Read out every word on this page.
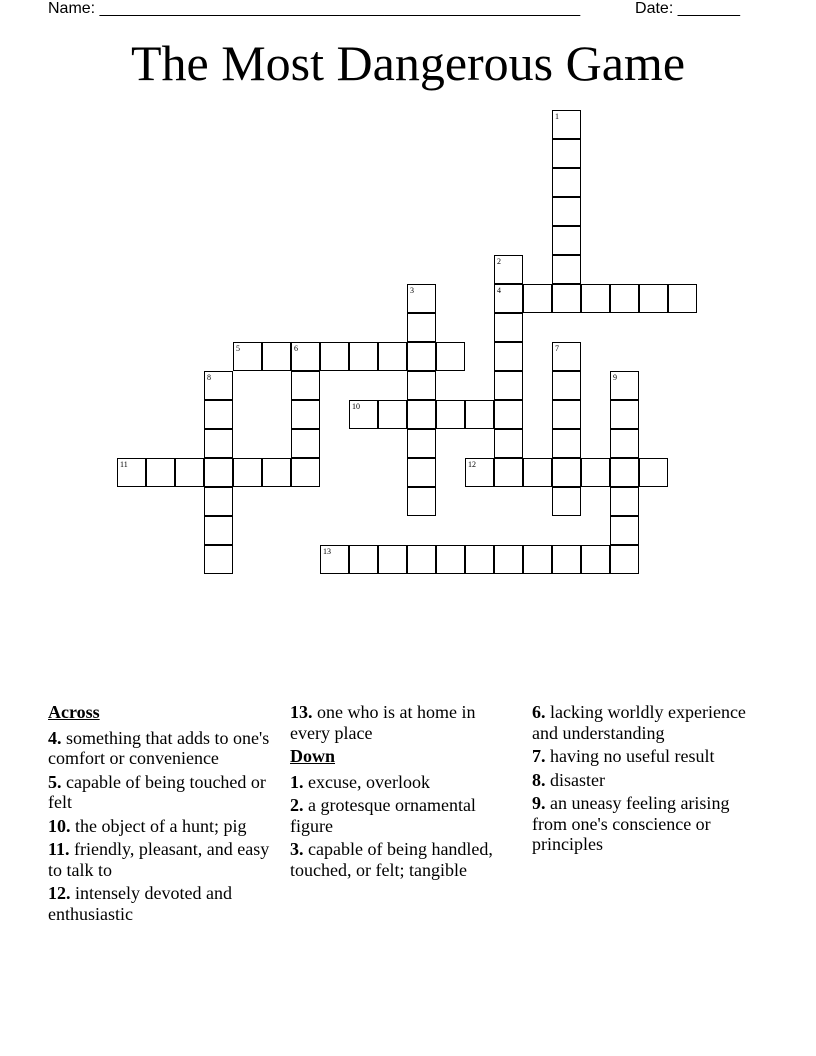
Name: ______________________________________________________	Date: _______
The Most Dangerous Game
1
2
4
3
5	6	7
8	9
10
11	12
13
Across
4. something that adds to one's comfort or convenience
5. capable of being touched or felt
10. the object of a hunt; pig
11. friendly, pleasant, and easy to talk to
12. intensely devoted and enthusiastic
13. one who is at home in every place
Down
1. excuse, overlook
2. a grotesque ornamental figure
3. capable of being handled, touched, or felt; tangible
6. lacking worldly experience and understanding
7. having no useful result
8. disaster
9. an uneasy feeling arising from one's conscience or principles
